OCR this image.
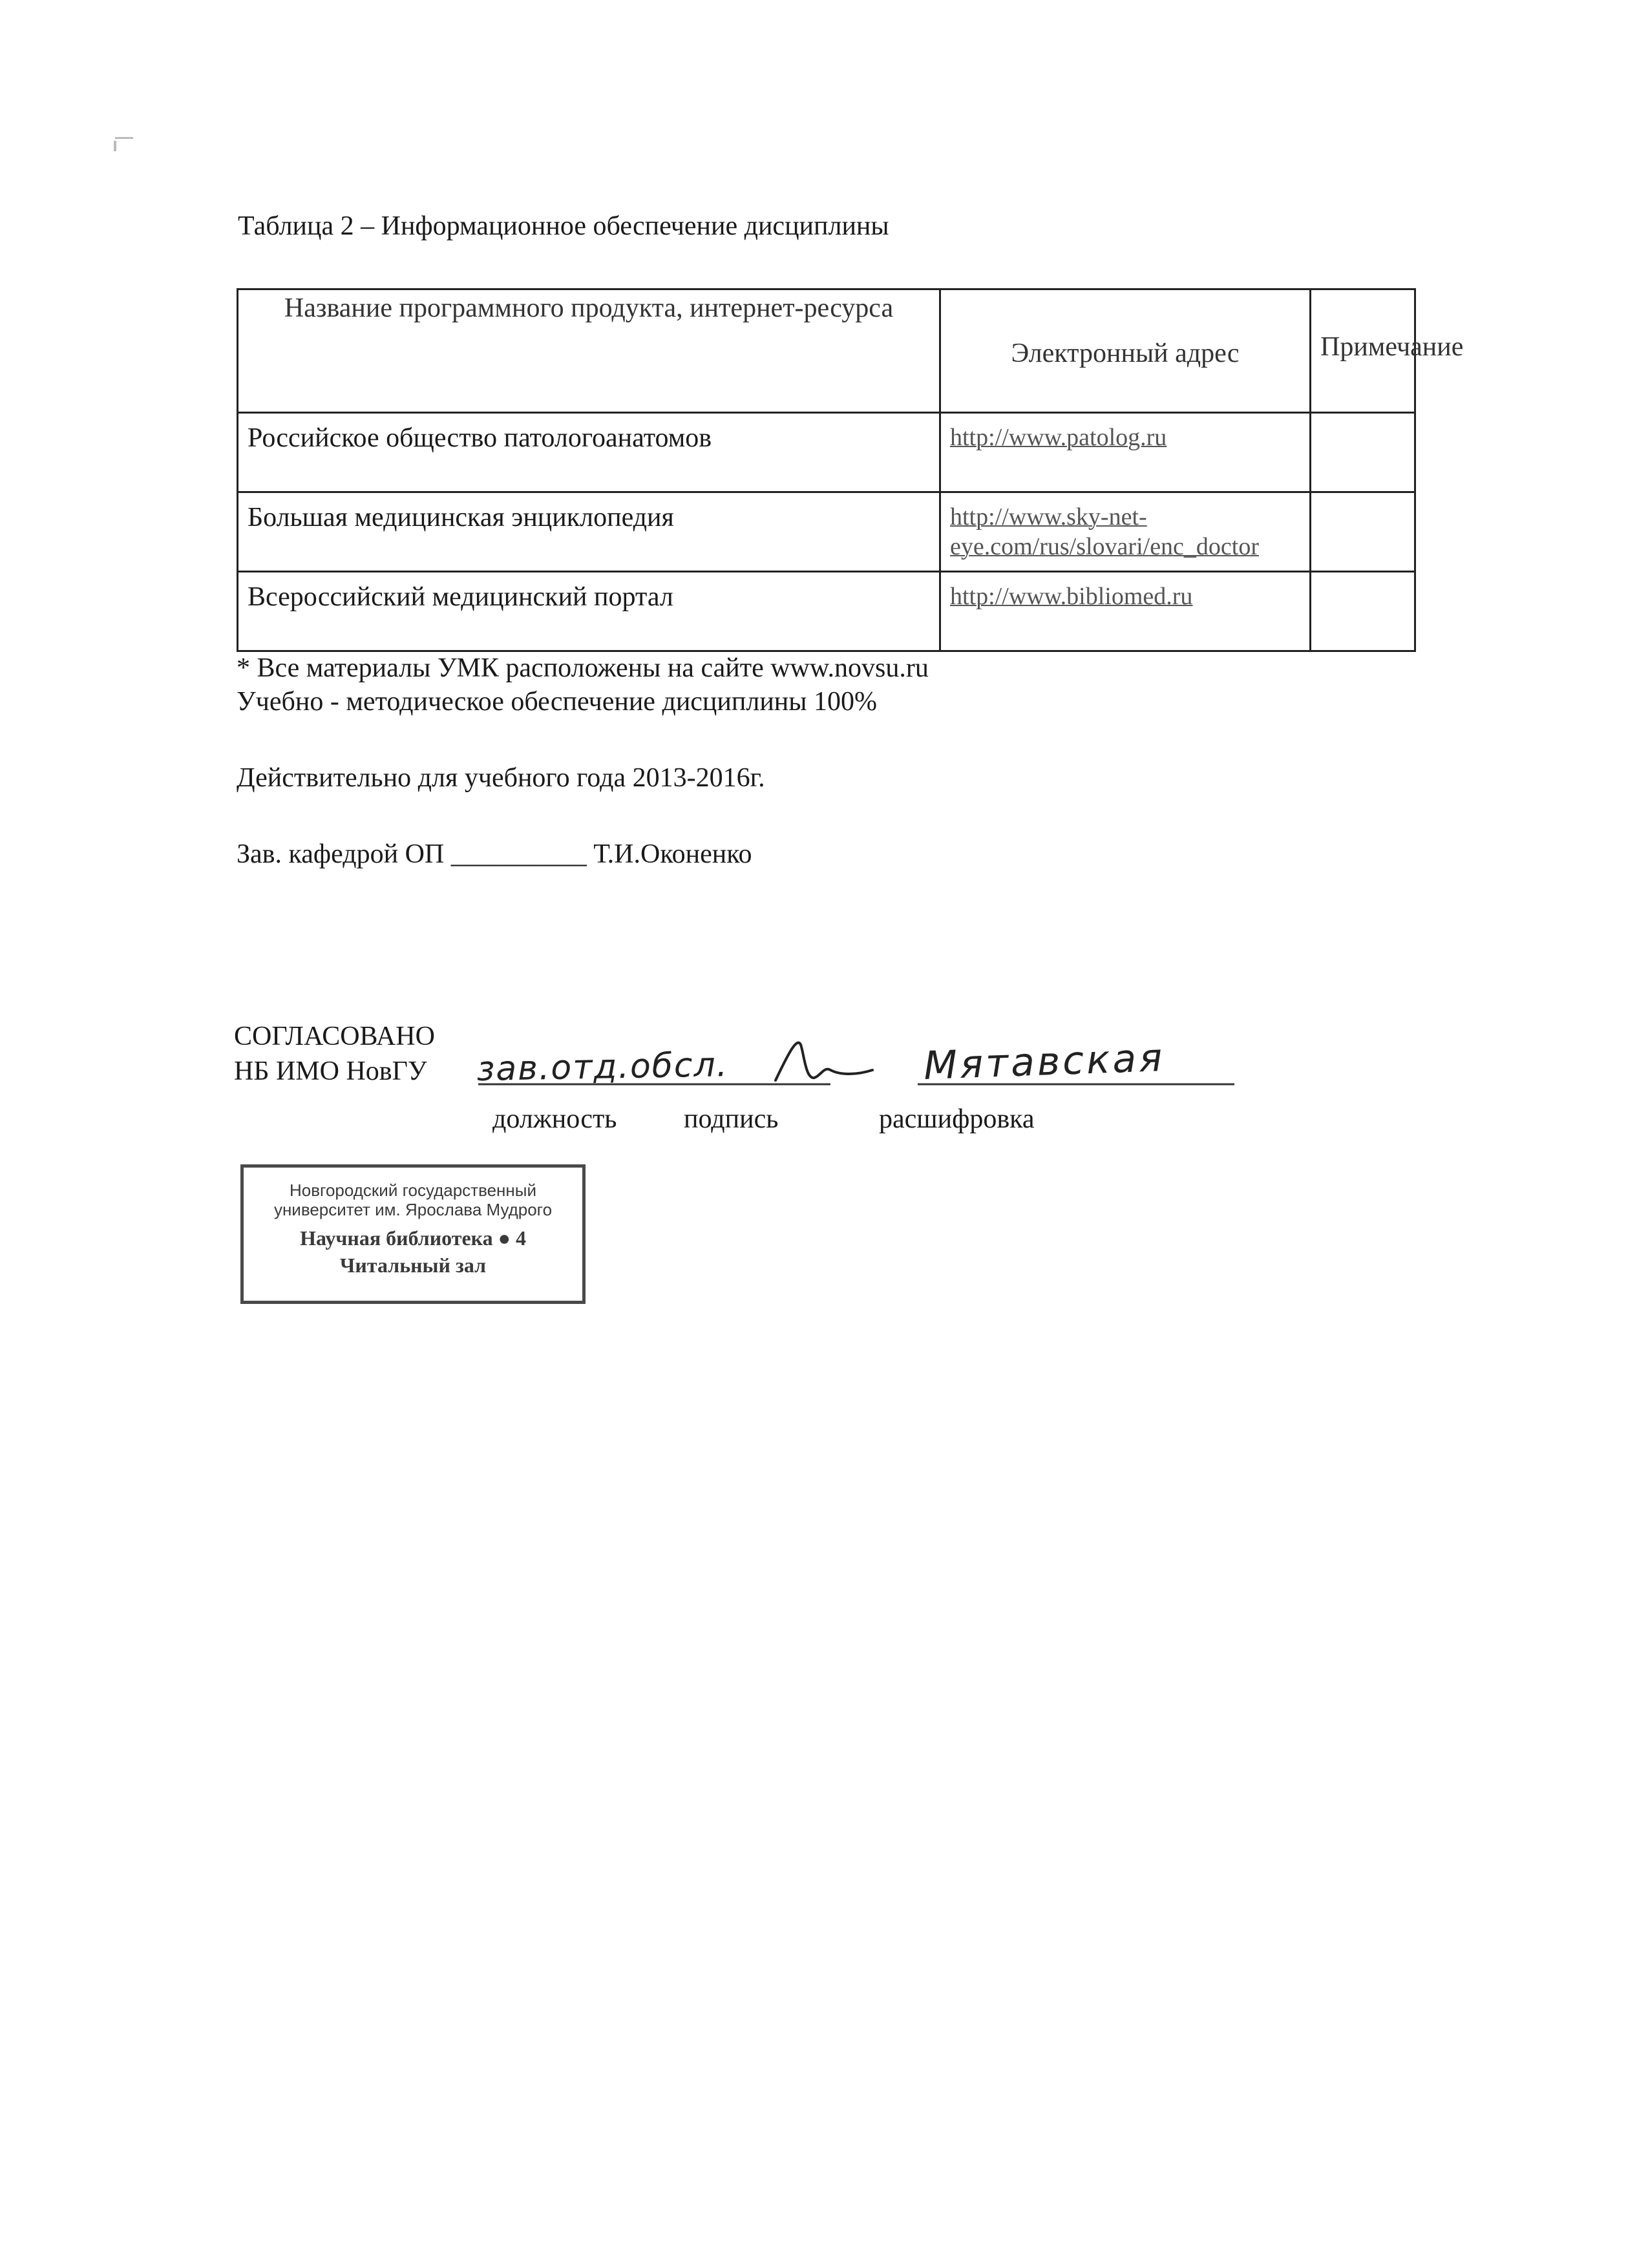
Таблица 2 – Информационное обеспечение дисциплины
Название программного продукта, интернет-ресурса	Электронный адрес	Примечание
Российское общество патологоанатомов	http://www.patolog.ru	
Большая медицинская энциклопедия	http://www.sky-net-
eye.com/rus/slovari/enc_doctor	
Всероссийский медицинский портал	http://www.bibliomed.ru	
* Все материалы УМК расположены на сайте www.novsu.ru
Учебно - методическое обеспечение дисциплины 100%
Действительно для учебного года 2013-2016г.
Зав. кафедрой ОП __________ Т.И.Оконенко
СОГЛАСОВАНО
НБ ИМО НовГУ зав.отд.обсл.	Мятавская
должность подпись	расшифровка
Новгородский государственный
университет им. Ярослава Мудрого
Научная библиотека ● 4
Читальный зал
